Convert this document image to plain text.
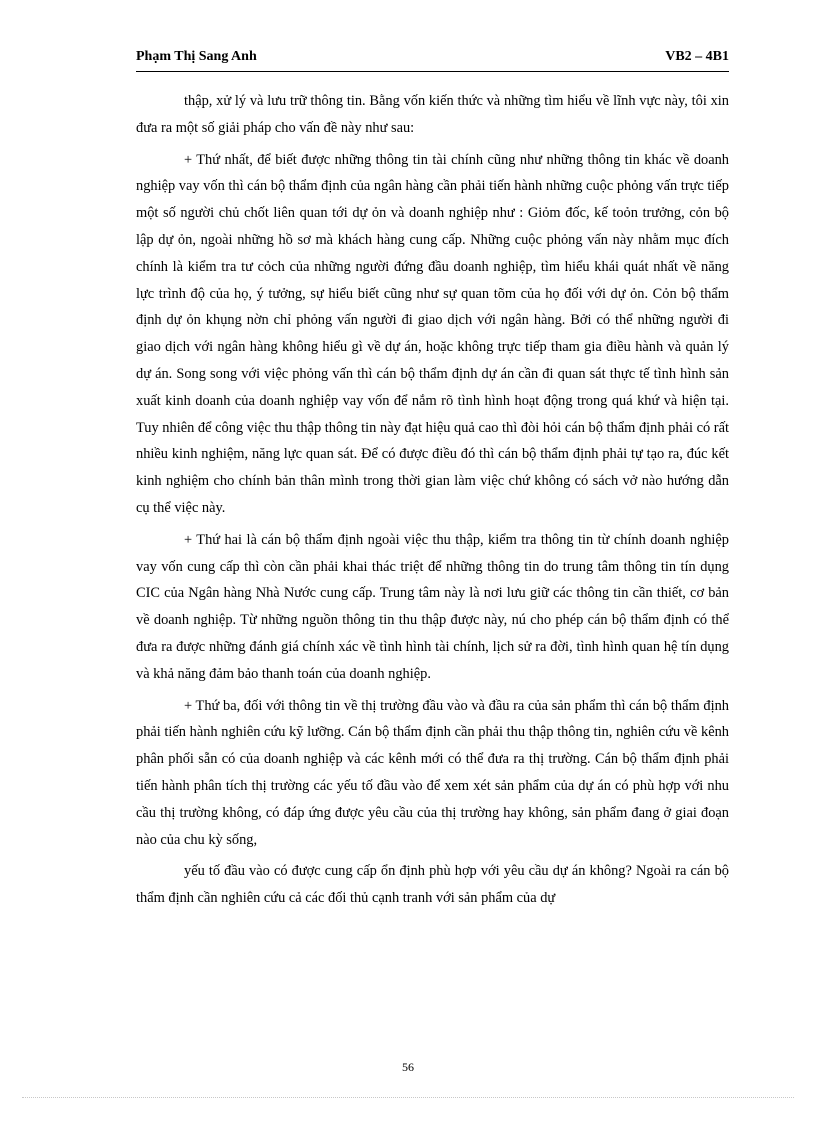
Phạm Thị Sang Anh	VB2 – 4B1

thập, xử lý và lưu trữ thông tin. Bằng vốn kiến thức và những tìm hiểu về lĩnh vực này, tôi xin đưa ra một số giải pháp cho vấn đề này như sau:

+ Thứ nhất, để biết được những thông tin tài chính cũng như những thông tin khác về doanh nghiệp vay vốn thì cán bộ thẩm định của ngân hàng cần phải tiến hành những cuộc phỏng vấn trực tiếp một số người chủ chốt liên quan tới dự ỏn và doanh nghiệp như : Giỏm đốc, kế toỏn trưởng, cỏn bộ lập dự ỏn, ngoài những hồ sơ mà khách hàng cung cấp. Những cuộc phỏng vấn này nhằm mục đích chính là kiểm tra tư cỏch của những người đứng đầu doanh nghiệp, tìm hiểu khái quát nhất về năng lực trình độ của họ, ý tưởng, sự hiểu biết cũng như sự quan tõm của họ đối với dự ỏn. Cỏn bộ thẩm định dự ỏn khụng nờn chỉ phỏng vấn người đi giao dịch với ngân hàng. Bởi có thể những người đi giao dịch với ngân hàng không hiểu gì về dự án, hoặc không trực tiếp tham gia điều hành và quản lý dự án. Song song với việc phỏng vấn thì cán bộ thẩm định dự án cần đi quan sát thực tế tình hình sản xuất kinh doanh của doanh nghiệp vay vốn để nắm rõ tình hình hoạt động trong quá khứ và hiện tại. Tuy nhiên để công việc thu thập thông tin này đạt hiệu quả cao thì đòi hỏi cán bộ thẩm định phải có rất nhiều kinh nghiệm, năng lực quan sát. Để có được điều đó thì cán bộ thẩm định phải tự tạo ra, đúc kết kinh nghiệm cho chính bản thân mình trong thời gian làm việc chứ không có sách vở nào hướng dẫn cụ thể việc này.

+ Thứ hai là cán bộ thẩm định ngoài việc thu thập, kiểm tra thông tin từ chính doanh nghiệp vay vốn cung cấp thì còn cần phải khai thác triệt để những thông tin do trung tâm thông tin tín dụng CIC của Ngân hàng Nhà Nước cung cấp. Trung tâm này là nơi lưu giữ các thông tin cần thiết, cơ bản về doanh nghiệp. Từ những nguồn thông tin thu thập được này, nú cho phép cán bộ thẩm định có thể đưa ra được những đánh giá chính xác về tình hình tài chính, lịch sử ra đời, tình hình quan hệ tín dụng và khả năng đảm bảo thanh toán của doanh nghiệp.

+ Thứ ba, đối với thông tin về thị trường đầu vào và đầu ra của sản phẩm thì cán bộ thẩm định phải tiến hành nghiên cứu kỹ lưỡng. Cán bộ thẩm định cần phải thu thập thông tin, nghiên cứu về kênh phân phối sẵn có của doanh nghiệp và các kênh mới có thể đưa ra thị trường. Cán bộ thẩm định phải tiến hành phân tích thị trường các yếu tố đầu vào để xem xét sản phẩm của dự án có phù hợp với nhu cầu thị trường không, có đáp ứng được yêu cầu của thị trường hay không, sản phẩm đang ở giai đoạn nào của chu kỳ sống,

yếu tố đầu vào có được cung cấp ổn định phù hợp với yêu cầu dự án không? Ngoài ra cán bộ thẩm định cần nghiên cứu cả các đối thủ cạnh tranh với sản phẩm của dự

56
